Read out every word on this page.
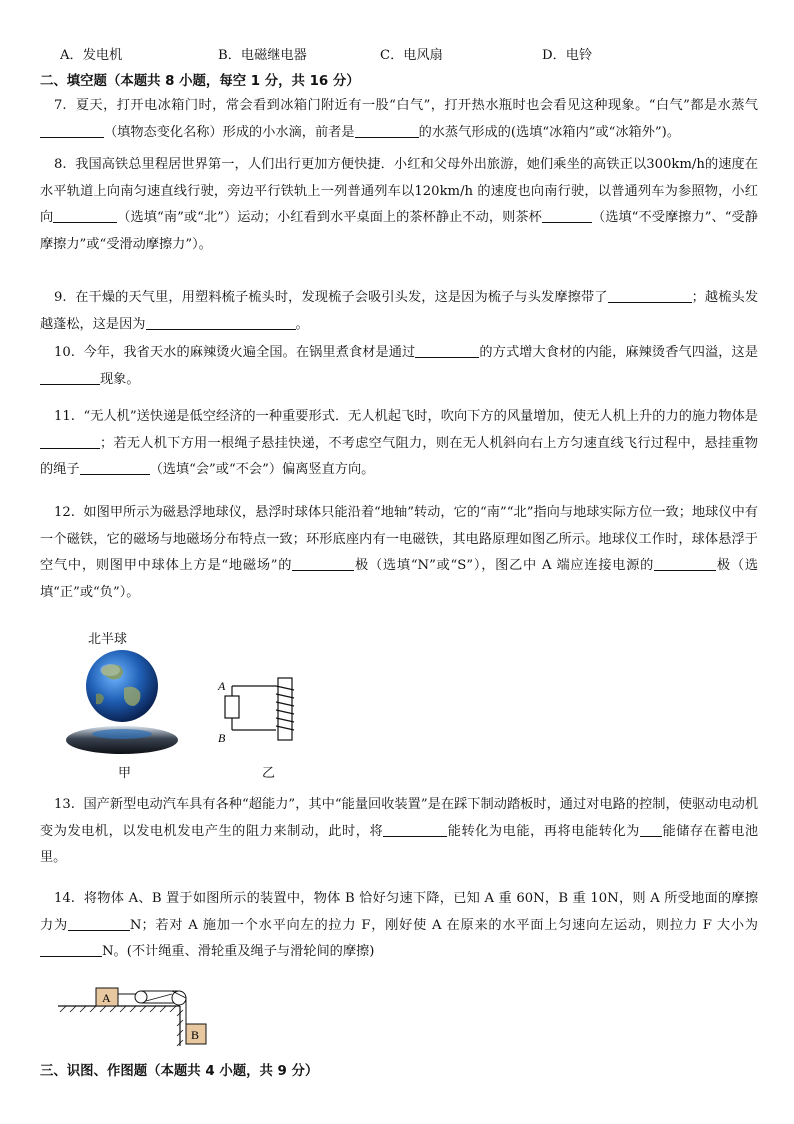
A．发电机	B．电磁继电器	C．电风扇	D．电铃
二、填空题（本题共 8 小题，每空 1 分，共 16 分）
7. 夏天，打开电冰箱门时，常会看到冰箱门附近有一股“白气”，打开热水瓶时也会看见这种现象。“白气”都是水蒸气（填物态变化名称）形成的小水滴，前者是	的水蒸气形成的(选填“冰箱内”或“冰箱外”)。
8. 我国高铁总里程居世界第一，人们出行更加方便快捷．小红和父母外出旅游，她们乘坐的高铁正以300km/h的速度在水平轨道上向南匀速直线行驶，旁边平行铁轨上一列普通列车以120km/h 的速度也向南行驶，以普通列车为参照物，小红向	（选填“南”或“北”）运动；小红看到水平桌面上的茶杯静止不动，则茶杯	（选填“不受摩擦力”、“受静摩擦力”或“受滑动摩擦力”）。
9. 在干燥的天气里，用塑料梳子梳头时，发现梳子会吸引头发，这是因为梳子与头发摩擦带了	；越梳头发越蓬松，这是因为	。
10. 今年，我省天水的麻辣烫火遍全国。在锅里煮食材是通过	的方式增大食材的内能，麻辣烫香气四溢，这是现象。
11. “无人机”送快递是低空经济的一种重要形式．无人机起飞时，吹向下方的风量增加，使无人机上升的力的施力物体是；若无人机下方用一根绳子悬挂快递，不考虑空气阻力，则在无人机斜向右上方匀速直线飞行过程中，悬挂重物的绳子	（选填“会”或“不会”）偏离竖直方向。
12. 如图甲所示为磁悬浮地球仪，悬浮时球体只能沿着“地轴”转动，它的“南”“北”指向与地球实际方位一致；地球仪中有一个磁铁，它的磁场与地磁场分布特点一致；环形底座内有一电磁铁，其电路原理如图乙所示。地球仪工作时，球体悬浮于空气中，则图甲中球体上方是“地磁场”的	极（选填“N”或“S”），图乙中 A 端应连接电源的	极（选填“正”或“负”）。
北半球
甲
A
B
乙
13. 国产新型电动汽车具有各种“超能力”，其中“能量回收装置”是在踩下制动踏板时，通过对电路的控制，使驱动电动机变为发电机，以发电机发电产生的阻力来制动，此时，将	能转化为电能，再将电能转化为 能储存在蓄电池里。
14. 将物体 A、B 置于如图所示的装置中，物体 B 恰好匀速下降，已知 A 重 60N，B 重 10N，则 A 所受地面的摩擦力为	N；若对 A 施加一个水平向左的拉力 F，刚好使 A 在原来的水平面上匀速向左运动，则拉力 F 大小为N。(不计绳重、滑轮重及绳子与滑轮间的摩擦)
A
B
三、识图、作图题（本题共 4 小题，共 9 分）
